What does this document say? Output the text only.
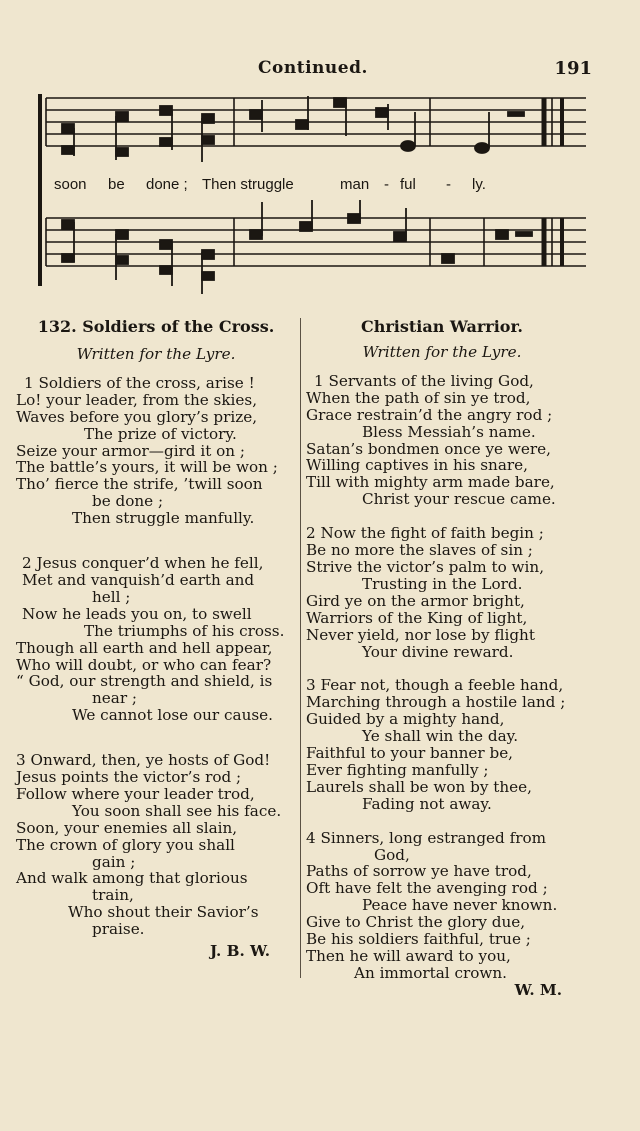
Continued.	191
soon be done ; Then struggle	man - ful - ly.
132. Soldiers of the Cross.
Written for the Lyre.
1 Soldiers of the cross, arise !
Lo! your leader, from the skies,
Waves before you glory’s prize,
The prize of victory.
Seize your armor—gird it on ;
The battle’s yours, it will be won ;
Tho’ fierce the strife, ’twill soon
be done ;
Then struggle manfully.
2 Jesus conquer’d when he fell,
Met and vanquish’d earth and
hell ;
Now he leads you on, to swell
The triumphs of his cross.
Though all earth and hell appear,
Who will doubt, or who can fear?
“ God, our strength and shield, is
near ;
We cannot lose our cause.
3 Onward, then, ye hosts of God!
Jesus points the victor’s rod ;
Follow where your leader trod,
You soon shall see his face.
Soon, your enemies all slain,
The crown of glory you shall
gain ;
And walk among that glorious
train,
Who shout their Savior’s
praise.
J. B. W.
Christian Warrior.
Written for the Lyre.
1 Servants of the living God,
When the path of sin ye trod,
Grace restrain’d the angry rod ;
Bless Messiah’s name.
Satan’s bondmen once ye were,
Willing captives in his snare,
Till with mighty arm made bare,
Christ your rescue came.
2 Now the fight of faith begin ;
Be no more the slaves of sin ;
Strive the victor’s palm to win,
Trusting in the Lord.
Gird ye on the armor bright,
Warriors of the King of light,
Never yield, nor lose by flight
Your divine reward.
3 Fear not, though a feeble hand,
Marching through a hostile land ;
Guided by a mighty hand,
Ye shall win the day.
Faithful to your banner be,
Ever fighting manfully ;
Laurels shall be won by thee,
Fading not away.
4 Sinners, long estranged from
God,
Paths of sorrow ye have trod,
Oft have felt the avenging rod ;
Peace have never known.
Give to Christ the glory due,
Be his soldiers faithful, true ;
Then he will award to you,
An immortal crown.
W. M.
